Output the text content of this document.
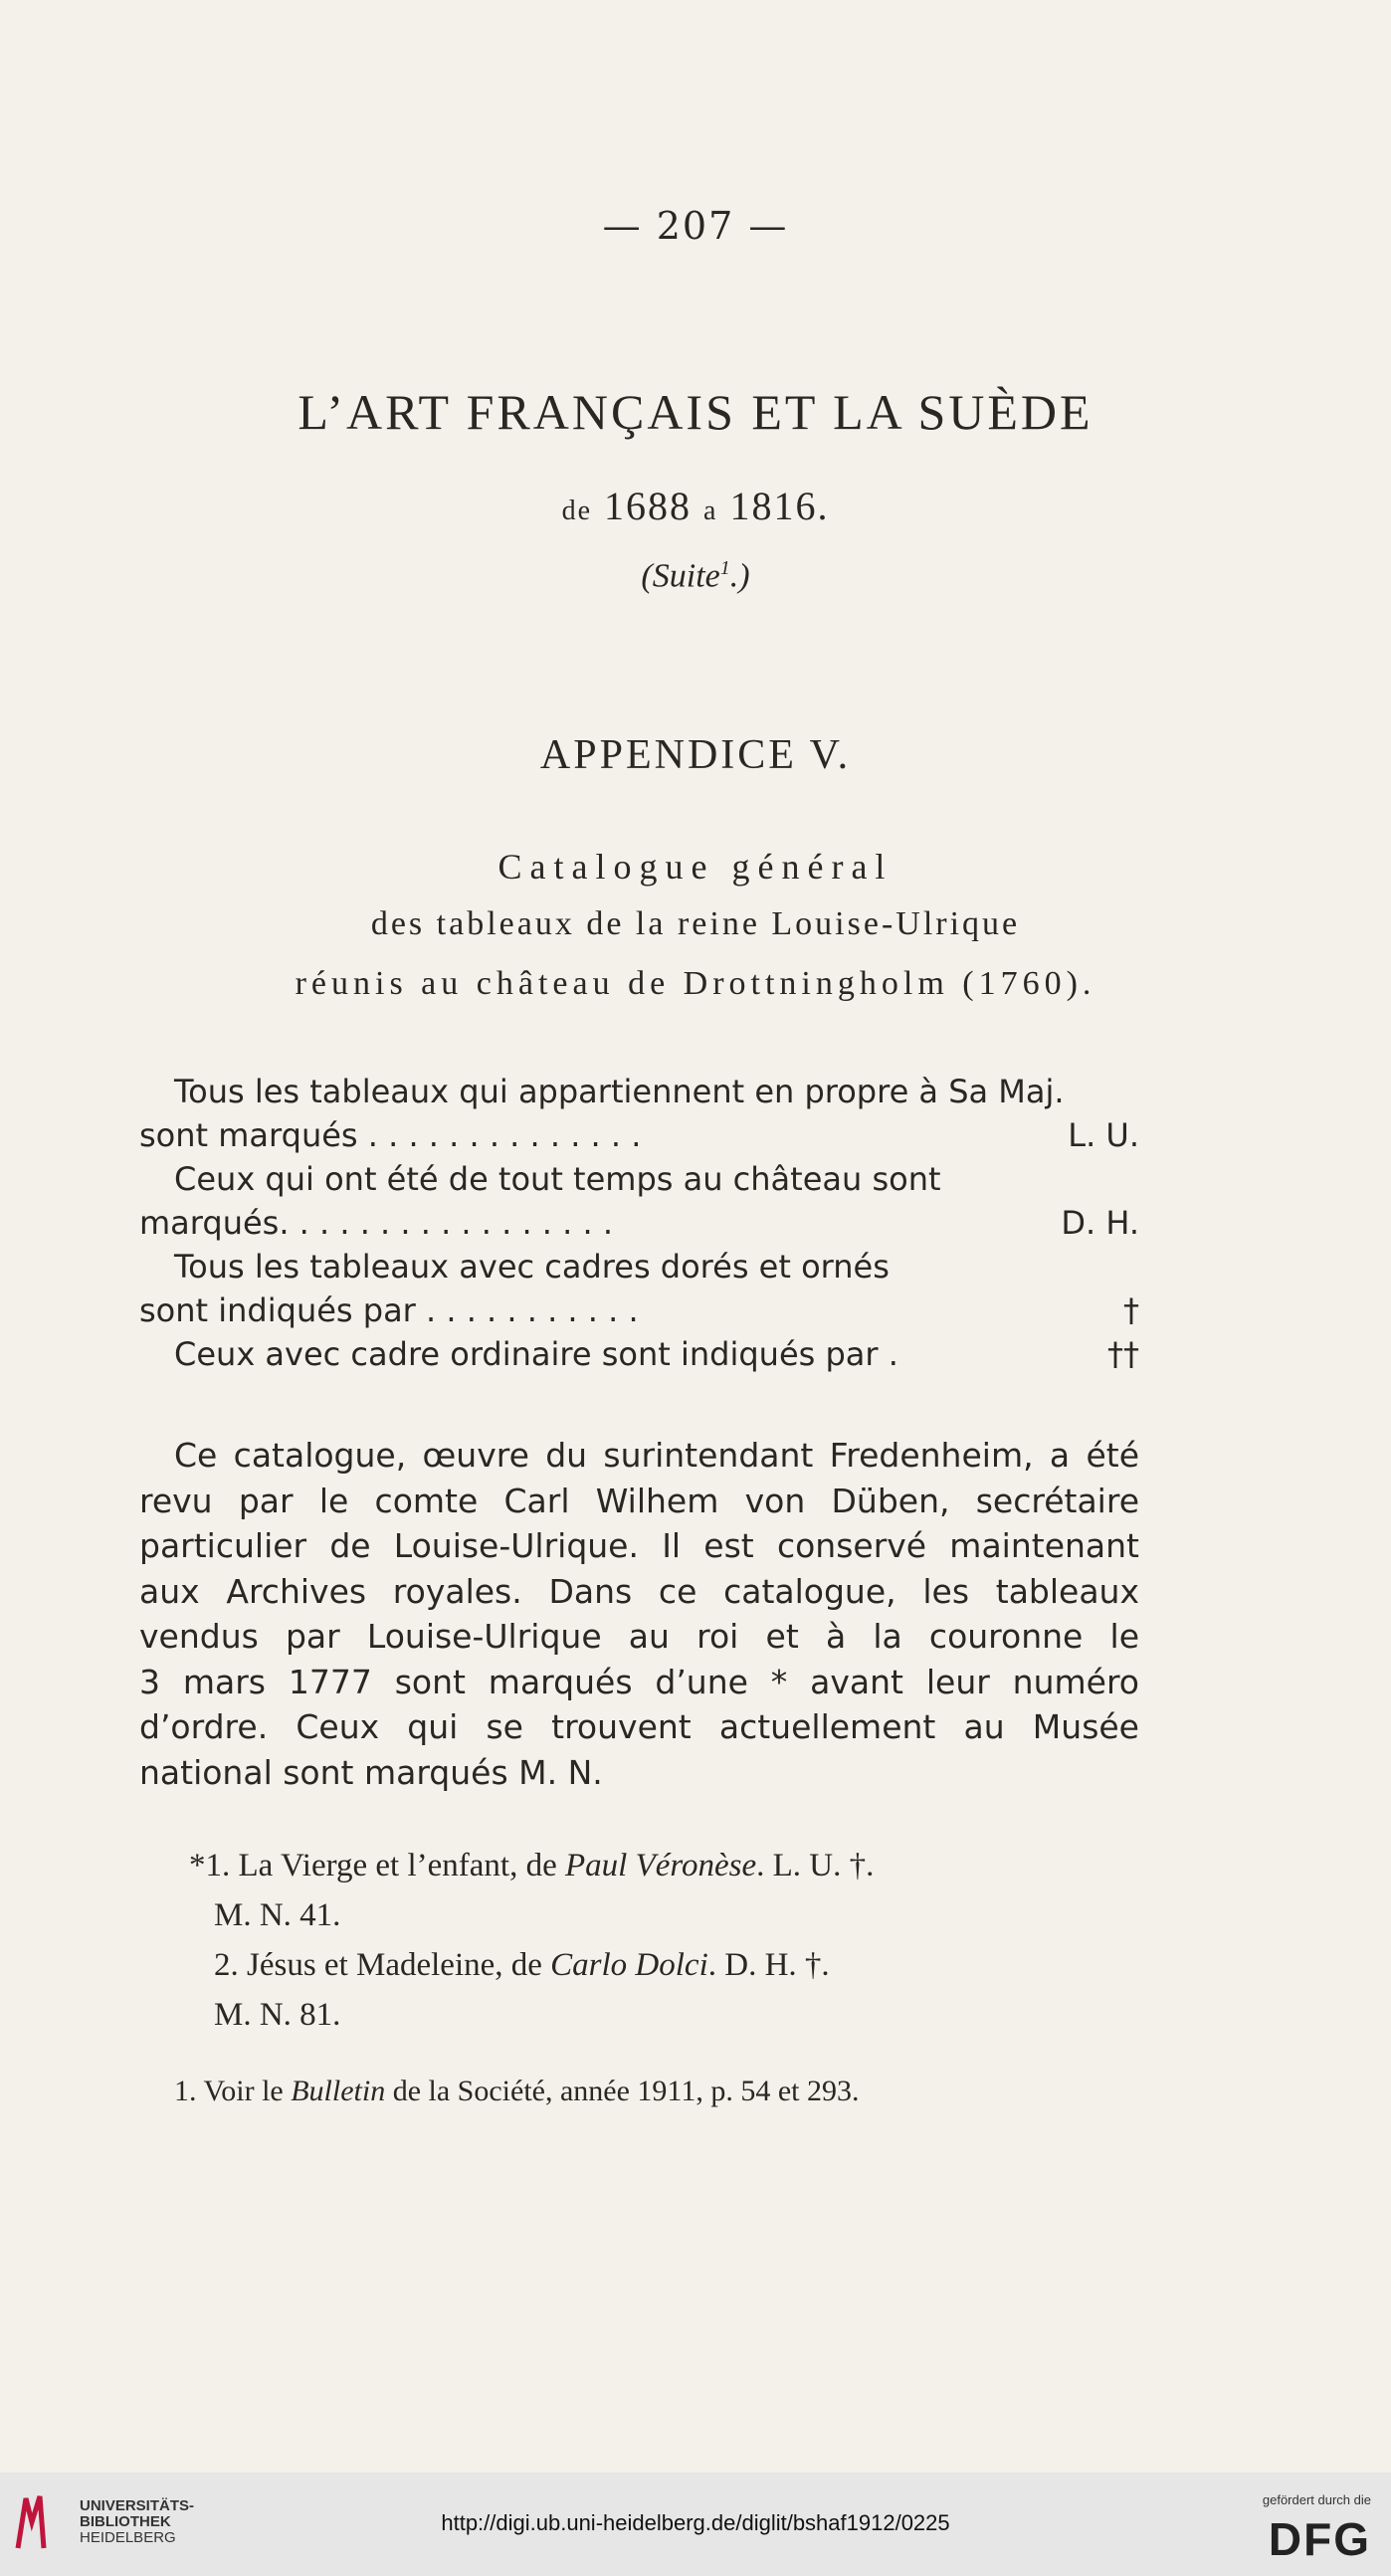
— 207 —
L’ART FRANÇAIS ET LA SUÈDE
de 1688 a 1816.
(Suite$^1$.)
APPENDICE V.
Catalogue général
des tableaux de la reine Louise-Ulrique
réunis au château de Drottningholm (1760).
Tous les tableaux qui appartiennent en propre à Sa Maj.
sont marqués . . . . . . . . . . . . . .	L. U.
Ceux qui ont été de tout temps au château sont
marqués. . . . . . . . . . . . . . . . .	D. H.
Tous les tableaux avec cadres dorés et ornés
sont indiqués par . . . . . . . . . . .	†
Ceux avec cadre ordinaire sont indiqués par .	††
Ce catalogue, œuvre du surintendant Fredenheim, a été
revu par le comte Carl Wilhem von Düben, secrétaire
particulier de Louise-Ulrique. Il est conservé maintenant
aux Archives royales. Dans ce catalogue, les tableaux
vendus par Louise-Ulrique au roi et à la couronne le
3 mars 1777 sont marqués d’une * avant leur numéro
d’ordre. Ceux qui se trouvent actuellement au Musée
national sont marqués M. N.
*1. La Vierge et l’enfant, de Paul Véronèse. L. U. †.
M. N. 41.
2. Jésus et Madeleine, de Carlo Dolci. D. H. †.
M. N. 81.
1. Voir le Bulletin de la Société, année 1911, p. 54 et 293.
UNIVERSITÄTS-
BIBLIOTHEK
HEIDELBERG
http://digi.ub.uni-heidelberg.de/diglit/bshaf1912/0225
gefördert durch die
DFG
